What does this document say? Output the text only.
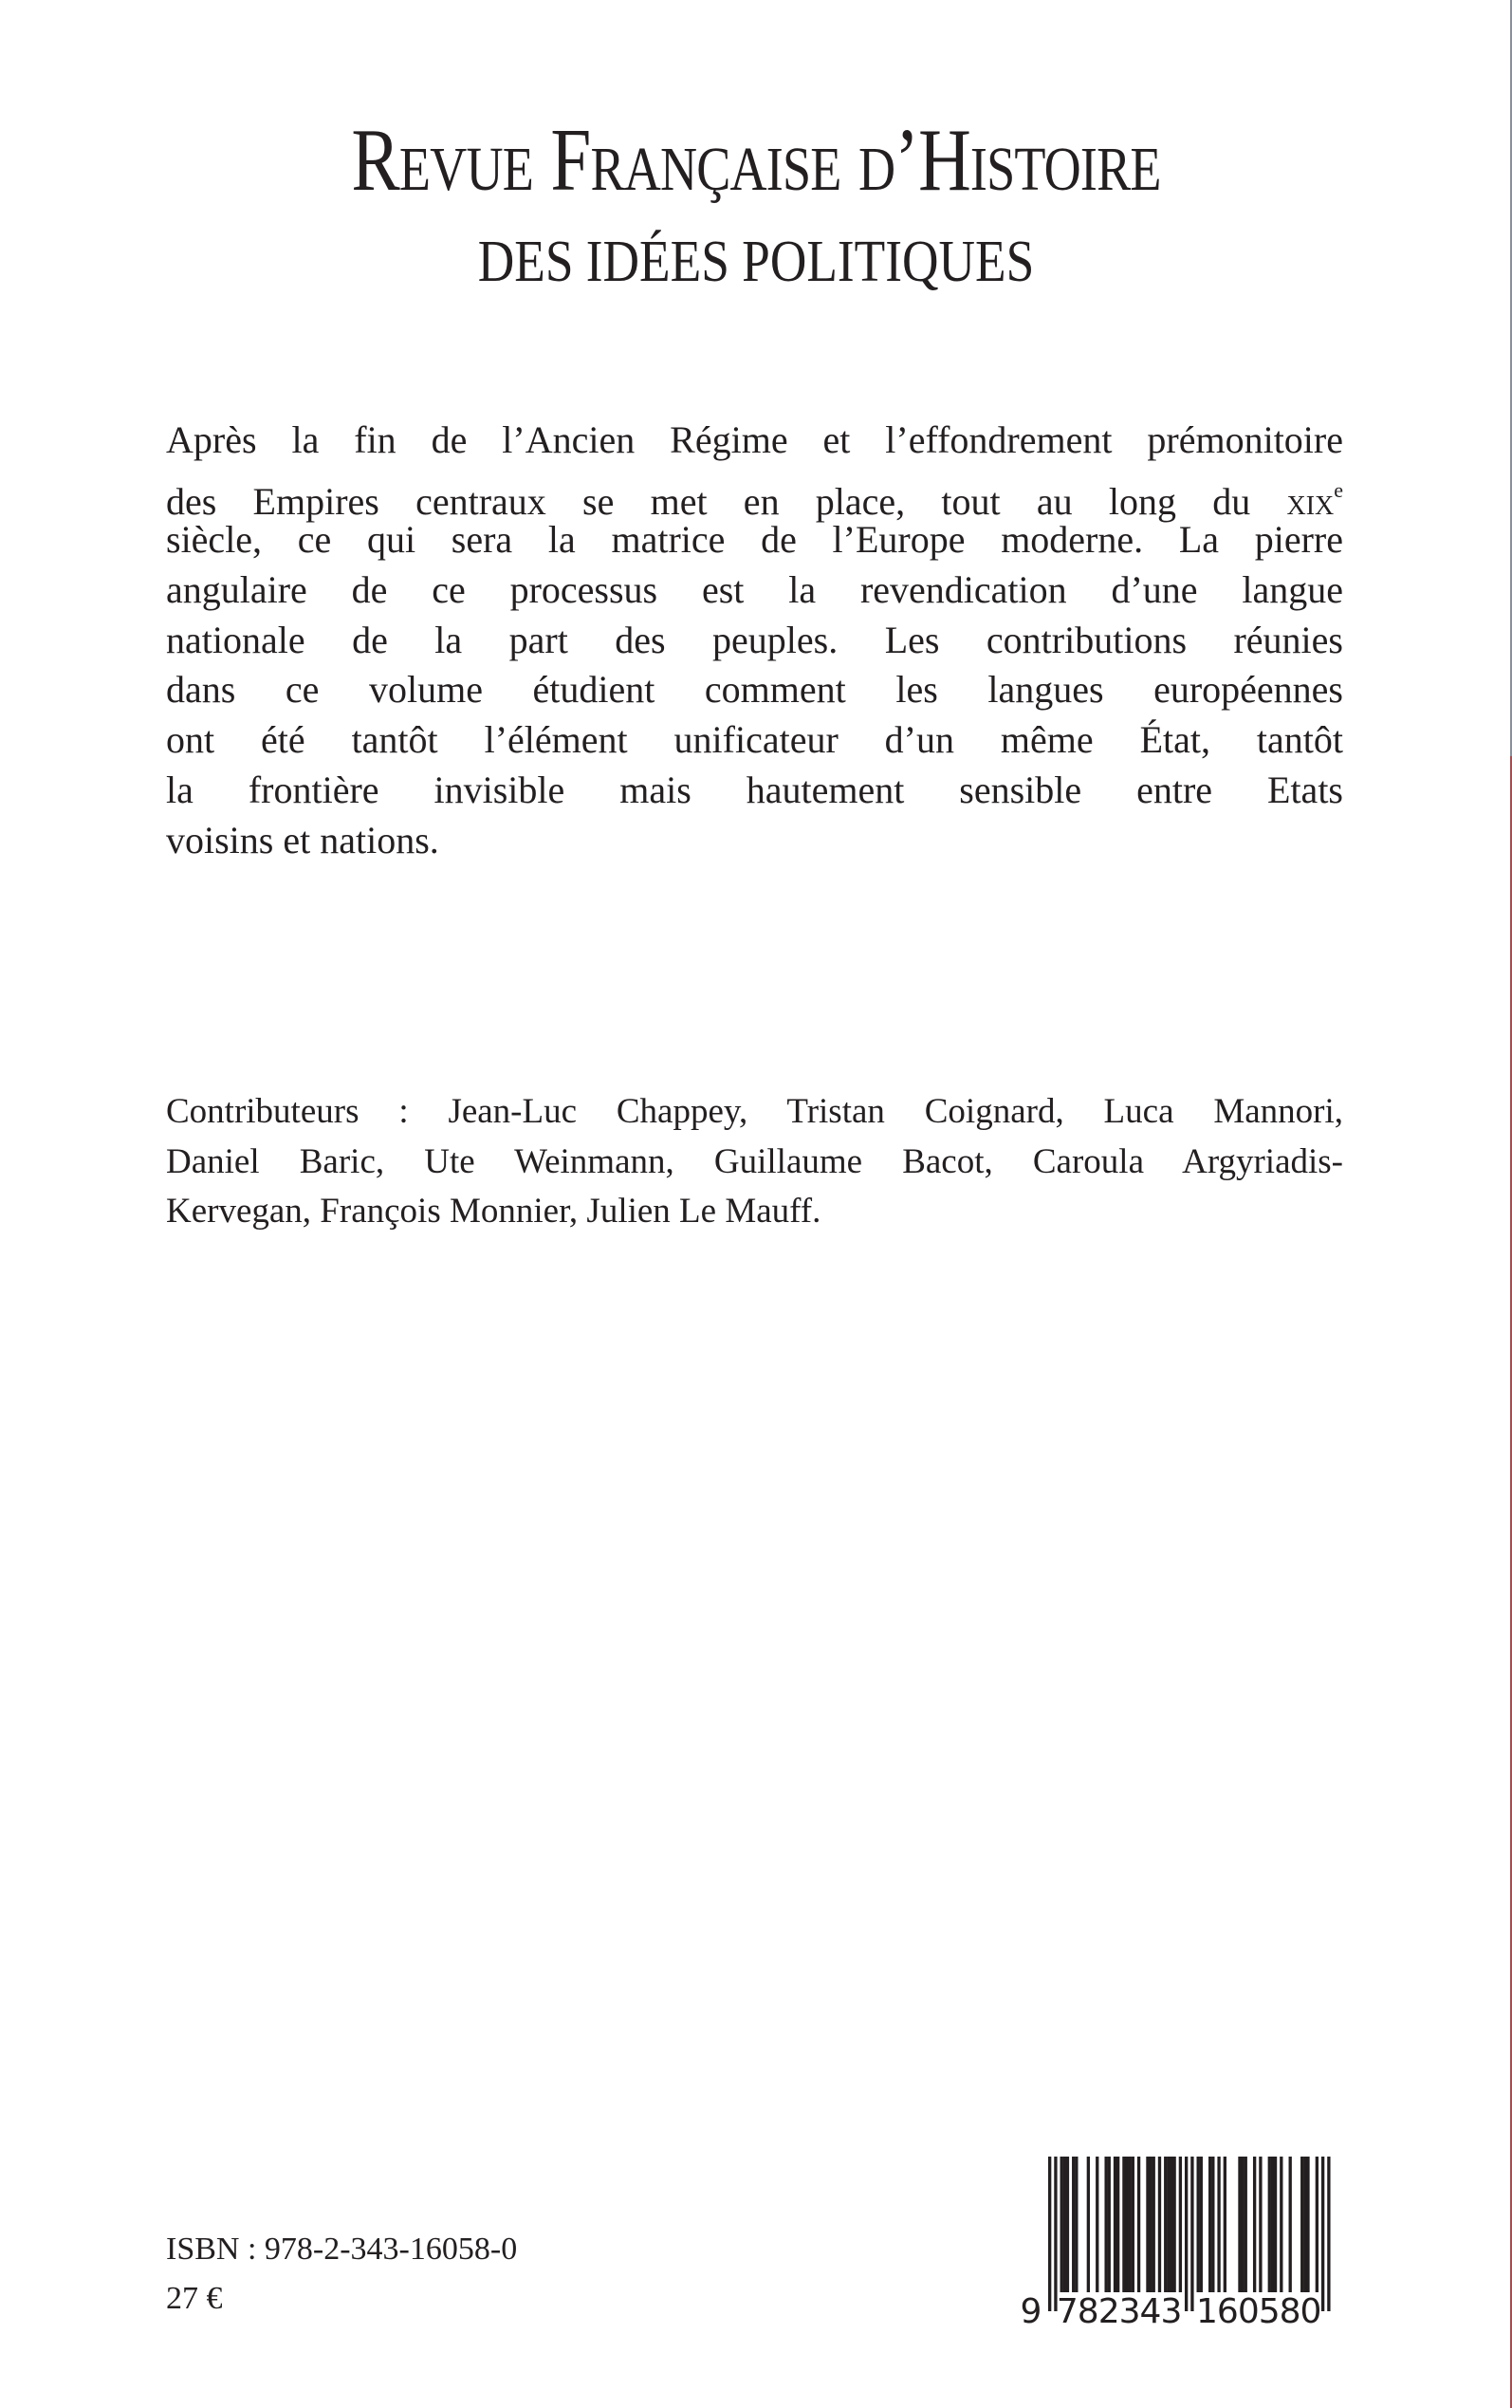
Revue Française d’Histoire
DES IDÉES POLITIQUES
Après la fin de l’Ancien Régime et l’effondrement prémonitoire
des Empires centraux se met en place, tout au long du xix$^e$
siècle, ce qui sera la matrice de l’Europe moderne. La pierre
angulaire de ce processus est la revendication d’une langue
nationale de la part des peuples. Les contributions réunies
dans ce volume étudient comment les langues européennes
ont été tantôt l’élément unificateur d’un même État, tantôt
la frontière invisible mais hautement sensible entre Etats
voisins et nations.
Contributeurs : Jean-Luc Chappey, Tristan Coignard, Luca Mannori,
Daniel Baric, Ute Weinmann, Guillaume Bacot, Caroula Argyriadis-
Kervegan, François Monnier, Julien Le Mauff.
ISBN : 978-2-343-16058-0
27 €	9 7 8 2 3 4 3 1 6 0 5 8 0
